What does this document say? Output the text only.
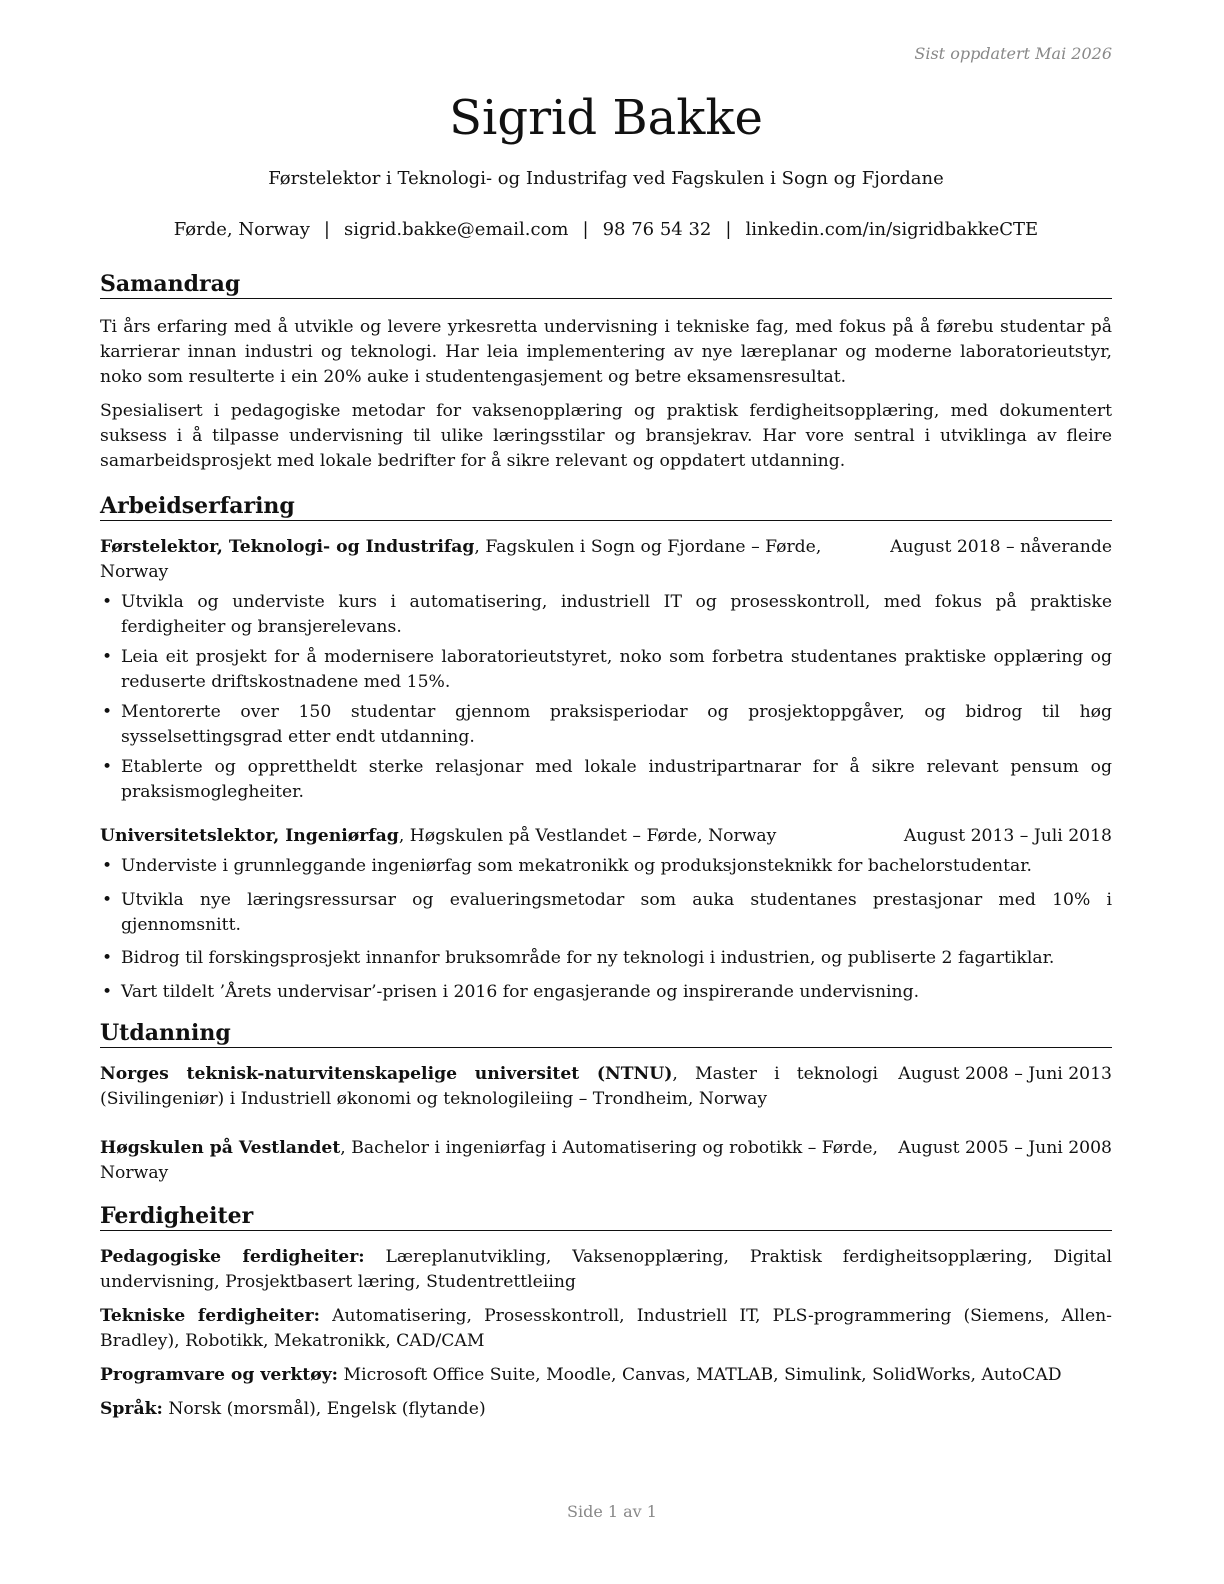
Sist oppdatert Mai 2026
Sigrid Bakke
Førstelektor i Teknologi- og Industrifag ved Fagskulen i Sogn og Fjordane
Førde, Norway | sigrid.bakke@email.com | 98 76 54 32 | linkedin.com/in/sigridbakkeCTE
Samandrag

Ti års erfaring med å utvikle og levere yrkesretta undervisning i tekniske fag, med fokus på å førebu studentar på karrierar innan industri og teknologi. Har leia implementering av nye læreplanar og moderne laboratorieutstyr, noko som resulterte i ein 20% auke i studentengasjement og betre eksamensresultat.

Spesialisert i pedagogiske metodar for vaksenopplæring og praktisk ferdigheitsopplæring, med dokumentert suksess i å tilpasse undervisning til ulike læringsstilar og bransjekrav. Har vore sentral i utviklinga av fleire samarbeidsprosjekt med lokale bedrifter for å sikre relevant og oppdatert utdanning.

Arbeidserfaring
Førstelektor, Teknologi- og Industrifag, Fagskulen i Sogn og Fjordane – Førde, Norway
August 2018 – nåverande
• Utvikla og underviste kurs i automatisering, industriell IT og prosesskontroll, med fokus på praktiske ferdigheiter og bransjerelevans.
• Leia eit prosjekt for å modernisere laboratorieutstyret, noko som forbetra studentanes praktiske opplæring og reduserte driftskostnadene med 15%.
• Mentorerte over 150 studentar gjennom praksisperiodar og prosjektoppgåver, og bidrog til høg sysselsettingsgrad etter endt utdanning.
• Etablerte og opprettheldt sterke relasjonar med lokale industripartnarar for å sikre relevant pensum og praksismoglegheiter.
Universitetslektor, Ingeniørfag, Høgskulen på Vestlandet – Førde, Norway	August 2013 – Juli 2018
• Underviste i grunnleggande ingeniørfag som mekatronikk og produksjonsteknikk for bachelorstudentar.
• Utvikla nye læringsressursar og evalueringsmetodar som auka studentanes prestasjonar med 10% i gjennomsnitt.
• Bidrog til forskingsprosjekt innanfor bruksområde for ny teknologi i industrien, og publiserte 2 fagartiklar.
• Vart tildelt ’Årets undervisar’-prisen i 2016 for engasjerande og inspirerande undervisning.
Utdanning
Norges teknisk-naturvitenskapelige universitet (NTNU), Master i teknologi (Sivilingeniør) i Industriell økonomi og teknologileiing – Trondheim, Norway
August 2008 – Juni 2013
Høgskulen på Vestlandet, Bachelor i ingeniørfag i Automatisering og robotikk – Førde, Norway
August 2005 – Juni 2008
Ferdigheiter

Pedagogiske ferdigheiter: Læreplanutvikling, Vaksenopplæring, Praktisk ferdigheitsopplæring, Digital undervisning, Prosjektbasert læring, Studentrettleiing

Tekniske ferdigheiter: Automatisering, Prosesskontroll, Industriell IT, PLS-programmering (Siemens, Allen-Bradley), Robotikk, Mekatronikk, CAD/CAM

Programvare og verktøy: Microsoft Office Suite, Moodle, Canvas, MATLAB, Simulink, SolidWorks, AutoCAD

Språk: Norsk (morsmål), Engelsk (flytande)

Side 1 av 1
